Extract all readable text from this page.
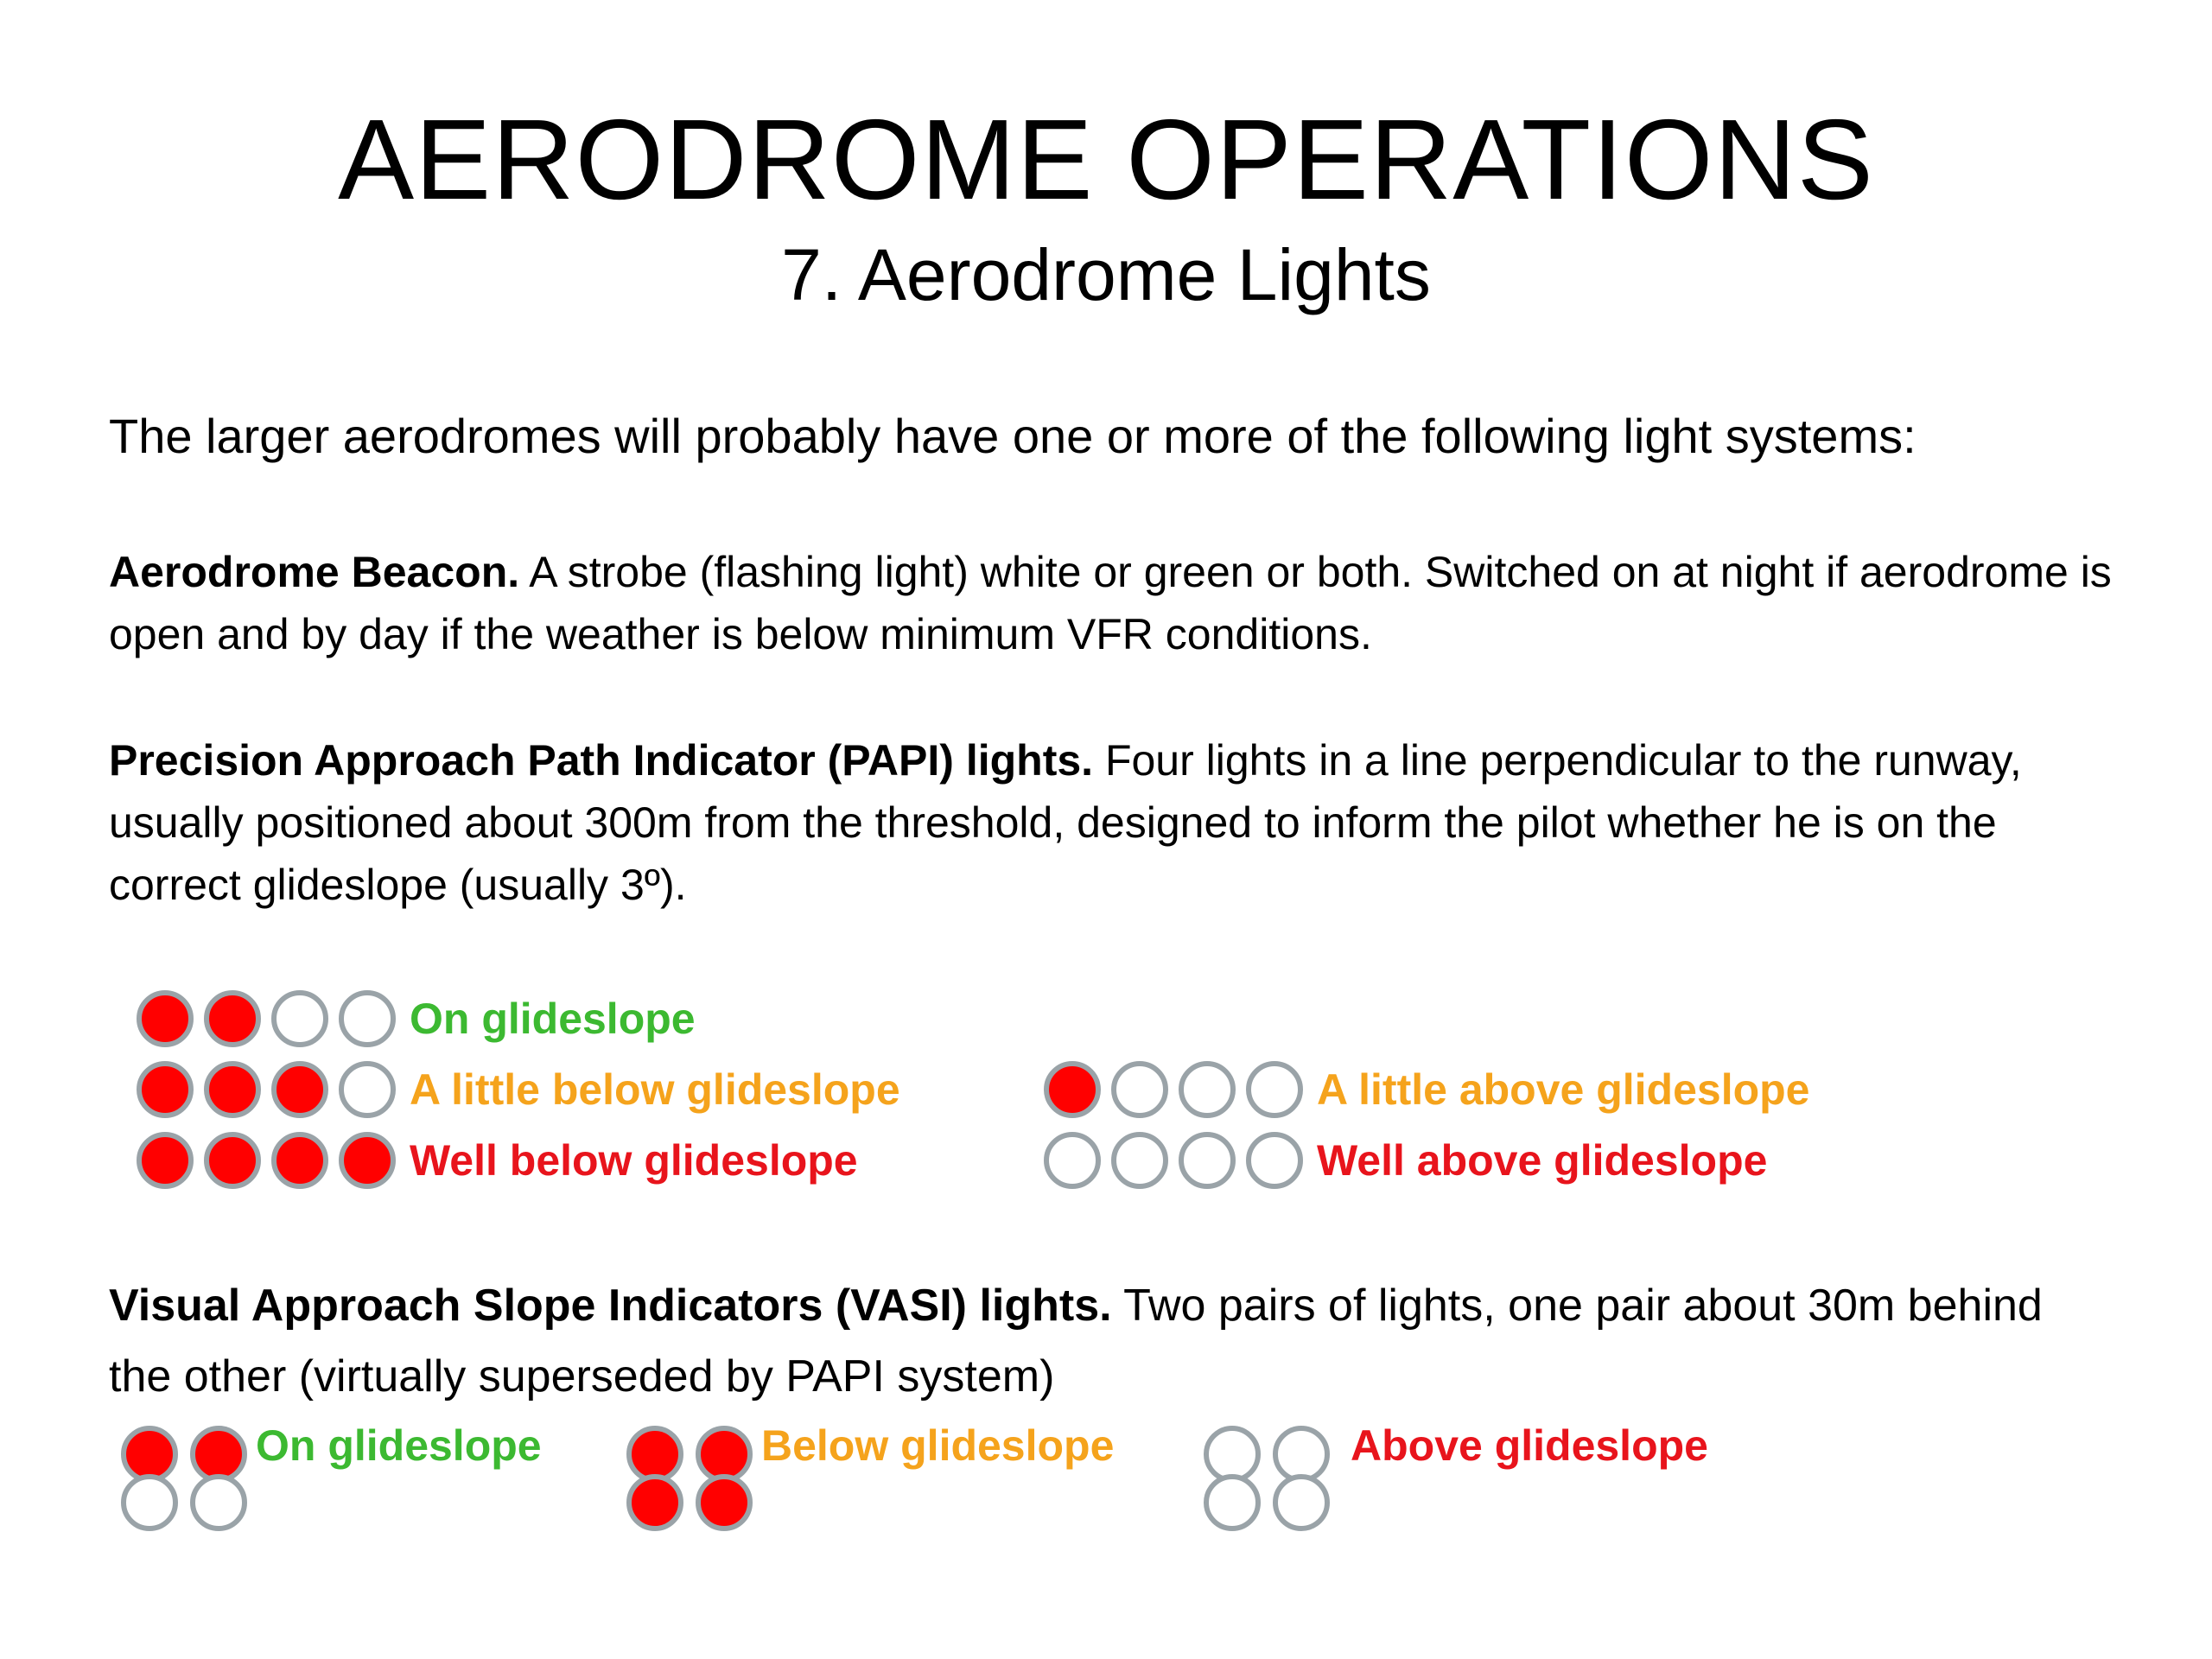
AERODROME OPERATIONS
7. Aerodrome Lights
The larger aerodromes will probably have one or more of the following light systems:
Aerodrome Beacon. A strobe (flashing light) white or green or both. Switched on at night if aerodrome is open and by day if the weather is below minimum VFR conditions.
Precision Approach Path Indicator (PAPI) lights. Four lights in a line perpendicular to the runway, usually positioned about 300m from the threshold, designed to inform the pilot whether he is on the correct glideslope (usually 3º).
On glideslope
A little below glideslope
Well below glideslope
A little above glideslope
Well above glideslope
Visual Approach Slope Indicators (VASI) lights. Two pairs of lights, one pair about 30m behind the other (virtually superseded by PAPI system)
On glideslope	Below glideslope	Above glideslope
